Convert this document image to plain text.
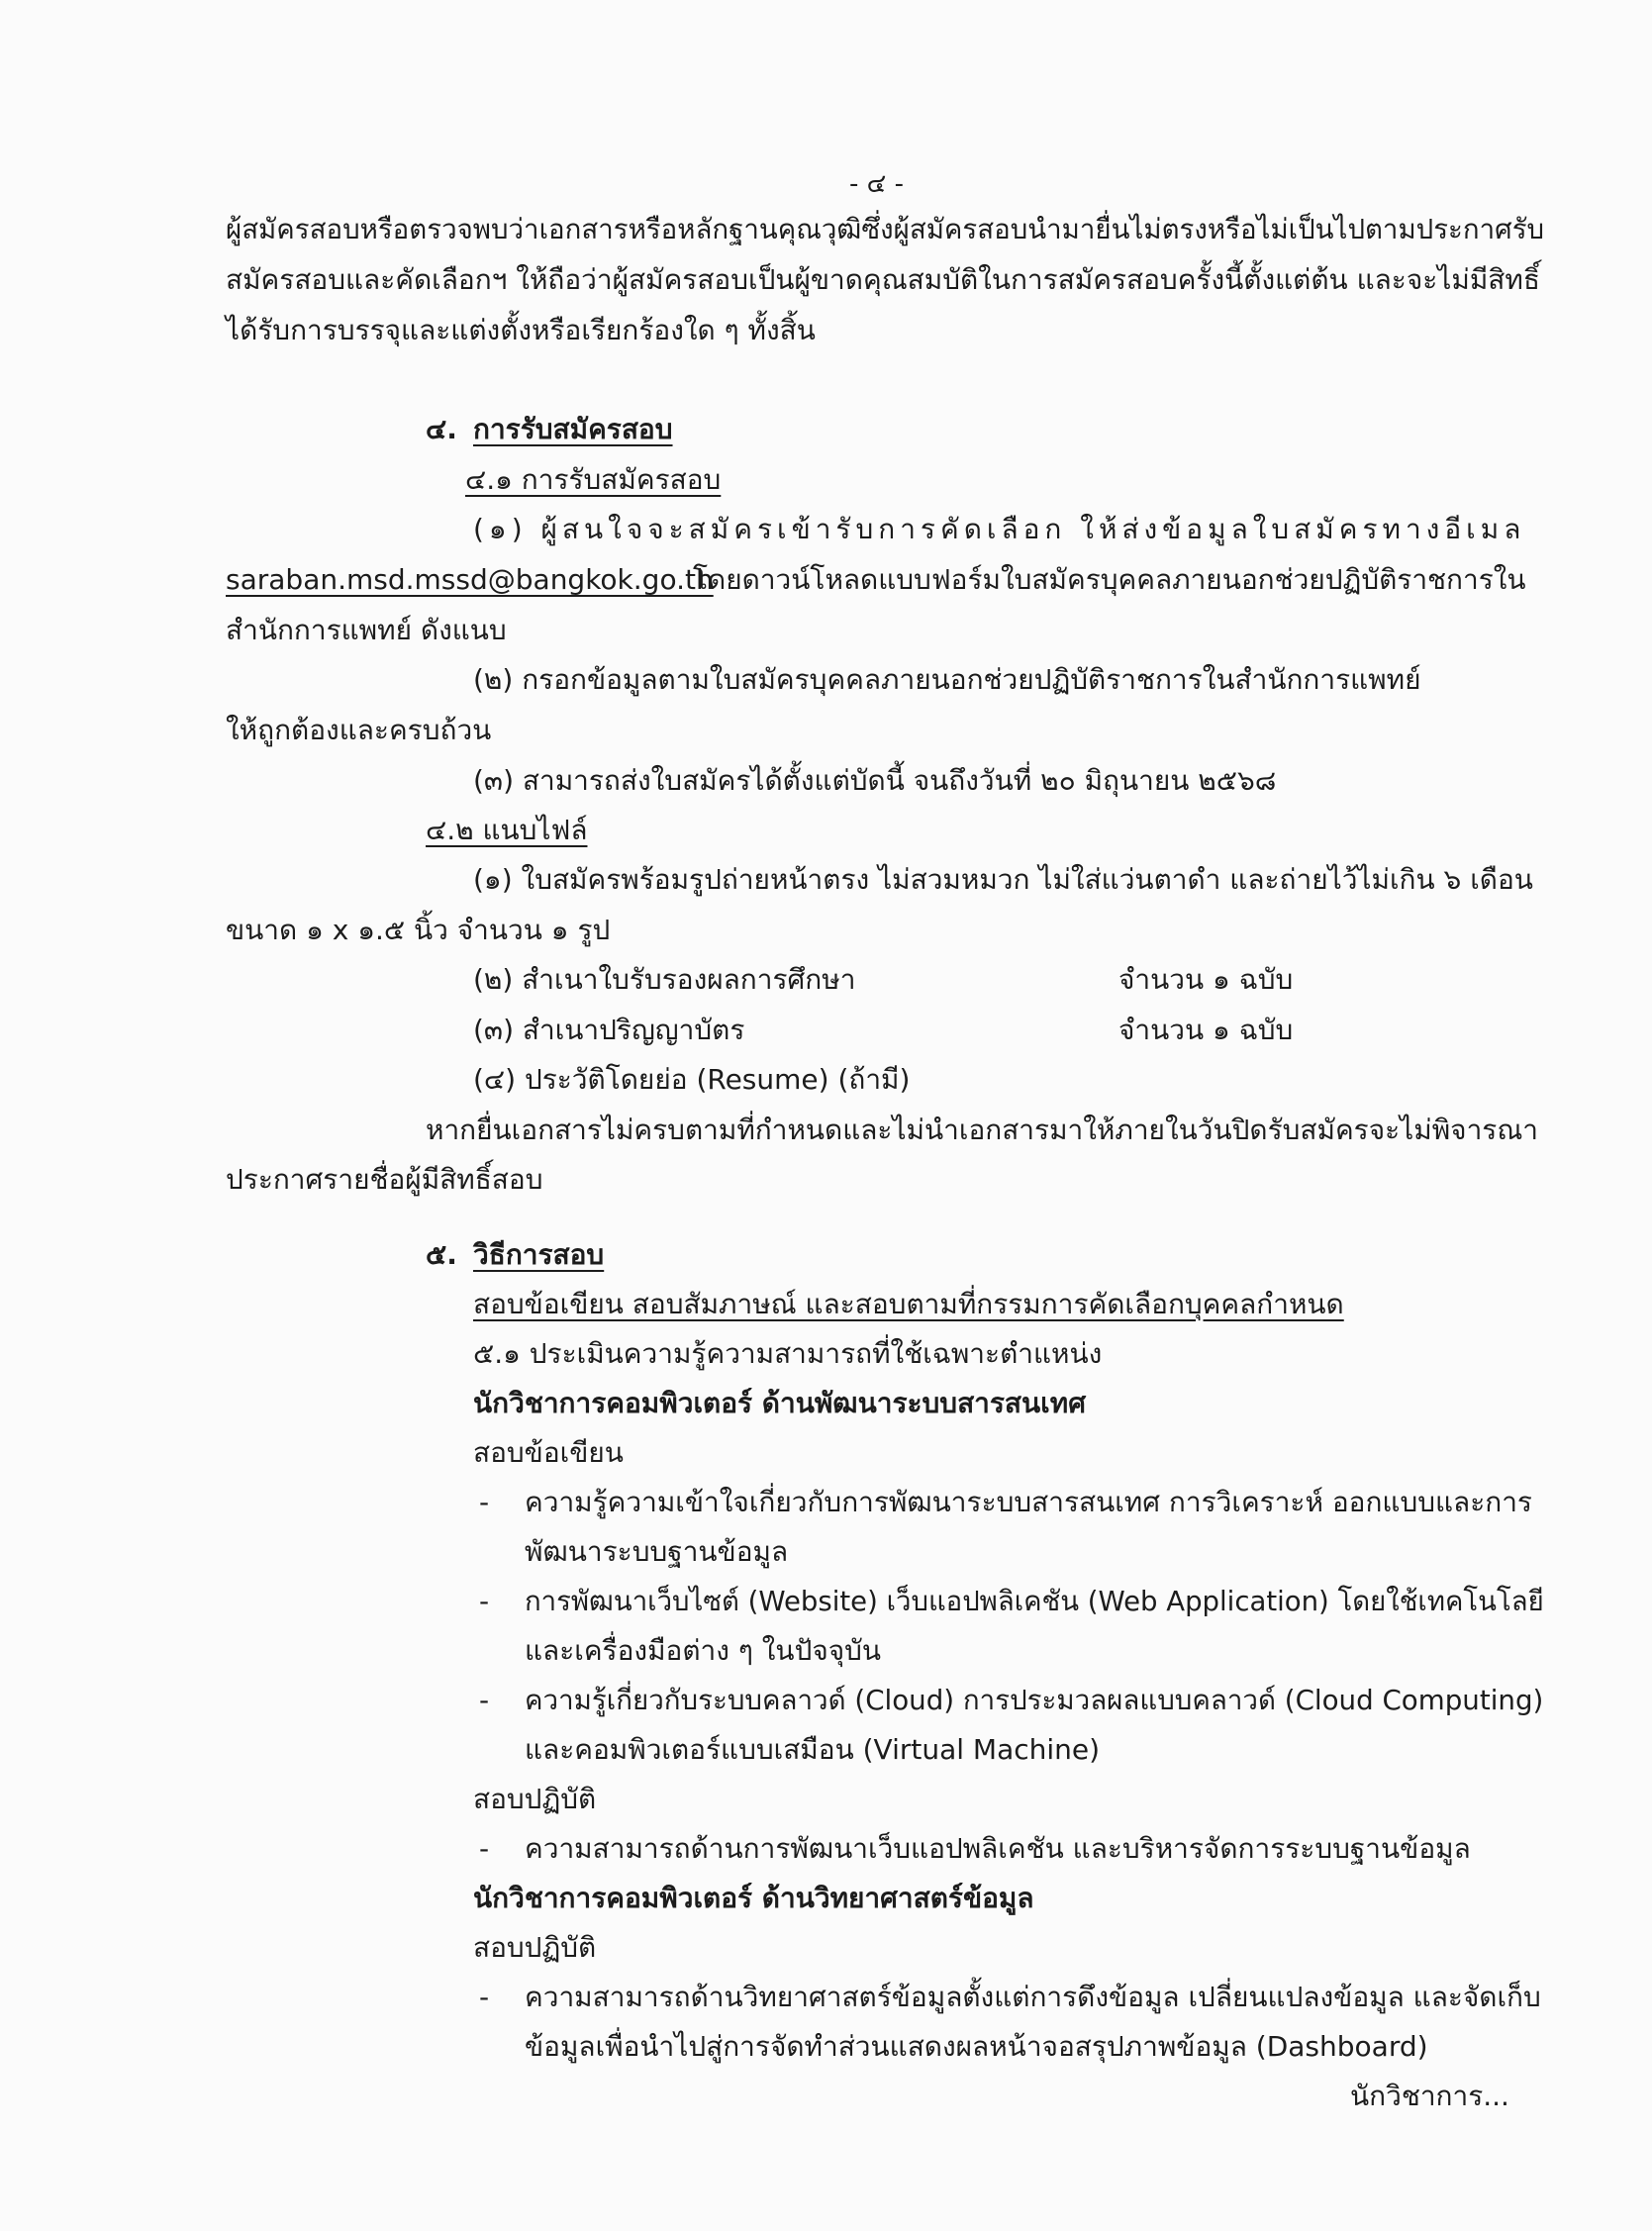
- ๔ -
ผู้สมัครสอบหรือตรวจพบว่าเอกสารหรือหลักฐานคุณวุฒิซึ่งผู้สมัครสอบนำมายื่นไม่ตรงหรือไม่เป็นไปตามประกาศรับ
สมัครสอบและคัดเลือกฯ ให้ถือว่าผู้สมัครสอบเป็นผู้ขาดคุณสมบัติในการสมัครสอบครั้งนี้ตั้งแต่ต้น และจะไม่มีสิทธิ์
ได้รับการบรรจุและแต่งตั้งหรือเรียกร้องใด ๆ ทั้งสิ้น
๔. การรับสมัครสอบ
๔.๑ การรับสมัครสอบ
(๑) ผู้สนใจจะสมัครเข้ารับการคัดเลือก ให้ส่งข้อมูลใบสมัครทางอีเมล
saraban.msd.mssd@bangkok.go.th
โดยดาวน์โหลดแบบฟอร์มใบสมัครบุคคลภายนอกช่วยปฏิบัติราชการใน
สำนักการแพทย์ ดังแนบ
(๒) กรอกข้อมูลตามใบสมัครบุคคลภายนอกช่วยปฏิบัติราชการในสำนักการแพทย์
ให้ถูกต้องและครบถ้วน
(๓) สามารถส่งใบสมัครได้ตั้งแต่บัดนี้ จนถึงวันที่ ๒๐ มิถุนายน ๒๕๖๘
๔.๒ แนบไฟล์
(๑) ใบสมัครพร้อมรูปถ่ายหน้าตรง ไม่สวมหมวก ไม่ใส่แว่นตาดำ และถ่ายไว้ไม่เกิน ๖ เดือน
ขนาด ๑ x ๑.๕ นิ้ว จำนวน ๑ รูป
(๒) สำเนาใบรับรองผลการศึกษา	จำนวน ๑ ฉบับ
(๓) สำเนาปริญญาบัตร	จำนวน ๑ ฉบับ
(๔) ประวัติโดยย่อ (Resume) (ถ้ามี)
หากยื่นเอกสารไม่ครบตามที่กำหนดและไม่นำเอกสารมาให้ภายในวันปิดรับสมัครจะไม่พิจารณา
ประกาศรายชื่อผู้มีสิทธิ์สอบ
๕. วิธีการสอบ
สอบข้อเขียน สอบสัมภาษณ์ และสอบตามที่กรรมการคัดเลือกบุคคลกำหนด
๕.๑ ประเมินความรู้ความสามารถที่ใช้เฉพาะตำแหน่ง
นักวิชาการคอมพิวเตอร์ ด้านพัฒนาระบบสารสนเทศ
สอบข้อเขียน
- ความรู้ความเข้าใจเกี่ยวกับการพัฒนาระบบสารสนเทศ การวิเคราะห์ ออกแบบและการ
พัฒนาระบบฐานข้อมูล
- การพัฒนาเว็บไซต์ (Website) เว็บแอปพลิเคชัน (Web Application) โดยใช้เทคโนโลยี
และเครื่องมือต่าง ๆ ในปัจจุบัน
- ความรู้เกี่ยวกับระบบคลาวด์ (Cloud) การประมวลผลแบบคลาวด์ (Cloud Computing)
และคอมพิวเตอร์แบบเสมือน (Virtual Machine)
สอบปฏิบัติ
- ความสามารถด้านการพัฒนาเว็บแอปพลิเคชัน และบริหารจัดการระบบฐานข้อมูล
นักวิชาการคอมพิวเตอร์ ด้านวิทยาศาสตร์ข้อมูล
สอบปฏิบัติ
- ความสามารถด้านวิทยาศาสตร์ข้อมูลตั้งแต่การดึงข้อมูล เปลี่ยนแปลงข้อมูล และจัดเก็บ
ข้อมูลเพื่อนำไปสู่การจัดทำส่วนแสดงผลหน้าจอสรุปภาพข้อมูล (Dashboard)
นักวิชาการ...
